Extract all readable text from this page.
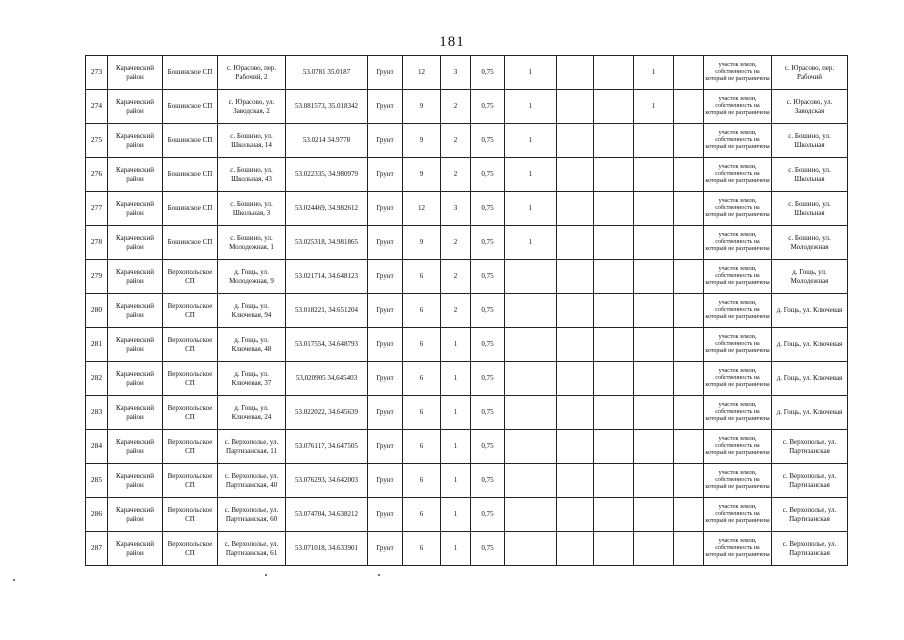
181
273	Карачевский район	Бошинское СП	с. Юрасово, пер. Рабочий, 2	53.0781 35.0187	Грунт	12	3	0,75	1			1		участок земли, собственность на который не разграничена	с. Юрасово, пер. Рабочий
274	Карачевский район	Бошинское СП	с. Юрасово, ул. Заводская, 2	53.081573, 35.018342	Грунт	9	2	0,75	1			1		участок земли, собственность на который не разграничена	с. Юрасово, ул. Заводская
275	Карачевский район	Бошинское СП	с. Бошино, ул. Школьная, 14	53.0214 34.9778	Грунт	9	2	0,75	1					участок земли, собственность на который не разграничена	с. Бошино, ул. Школьная
276	Карачевский район	Бошинское СП	с. Бошино, ул. Школьная, 43	53.022335, 34.980979	Грунт	9	2	0,75	1					участок земли, собственность на который не разграничена	с. Бошино, ул. Школьная
277	Карачевский район	Бошинское СП	с. Бошино, ул. Школьная, 3	53.024469, 34.982612	Грунт	12	3	0,75	1					участок земли, собственность на который не разграничена	с. Бошино, ул. Школьная
278	Карачевский район	Бошинское СП	с. Бошино, ул. Молодежная, 1	53.025318, 34.981865	Грунт	9	2	0,75	1					участок земли, собственность на который не разграничена	с. Бошино, ул. Молодежная
279	Карачевский район	Верхопольское СП	д. Гощь, ул. Молодежная, 9	53.021714, 34.648123	Грунт	6	2	0,75						участок земли, собственность на который не разграничена	д. Гощь, ул. Молодежная
280	Карачевский район	Верхопольское СП	д. Гощь, ул. Ключевая, 94	53.018221, 34.651204	Грунт	6	2	0,75						участок земли, собственность на который не разграничена	д. Гощь, ул. Ключевая
281	Карачевский район	Верхопольское СП	д. Гощь, ул. Ключевая, 48	53.017554, 34.648793	Грунт	6	1	0,75						участок земли, собственность на который не разграничена	д. Гощь, ул. Ключевая
282	Карачевский район	Верхопольское СП	д. Гощь, ул. Ключевая, 37	53,020905 34,645403	Грунт	6	1	0,75						участок земли, собственность на который не разграничена	д. Гощь, ул. Ключевая
283	Карачевский район	Верхопольское СП	д. Гощь, ул. Ключевая, 24	53.022022, 34.645639	Грунт	6	1	0,75						участок земли, собственность на который не разграничена	д. Гощь, ул. Ключевая
284	Карачевский район	Верхопольское СП	с. Верхополье, ул. Партизанская, 11	53.076117, 34.647505	Грунт	6	1	0,75						участок земли, собственность на который не разграничена	с. Верхополье, ул. Партизанская
285	Карачевский район	Верхопольское СП	с. Верхополье, ул. Партизанская, 40	53.076293, 34.642003	Грунт	6	1	0,75						участок земли, собственность на который не разграничена	с. Верхополье, ул. Партизанская
286	Карачевский район	Верхопольское СП	с. Верхополье, ул. Партизанская, 60	53.074704, 34.638212	Грунт	6	1	0,75						участок земли, собственность на который не разграничена	с. Верхополье, ул. Партизанская
287	Карачевский район	Верхопольское СП	с. Верхополье, ул. Партизанская, 61	53.071018, 34.633901	Грунт	6	1	0,75						участок земли, собственность на который не разграничена	с. Верхополье, ул. Партизанская
